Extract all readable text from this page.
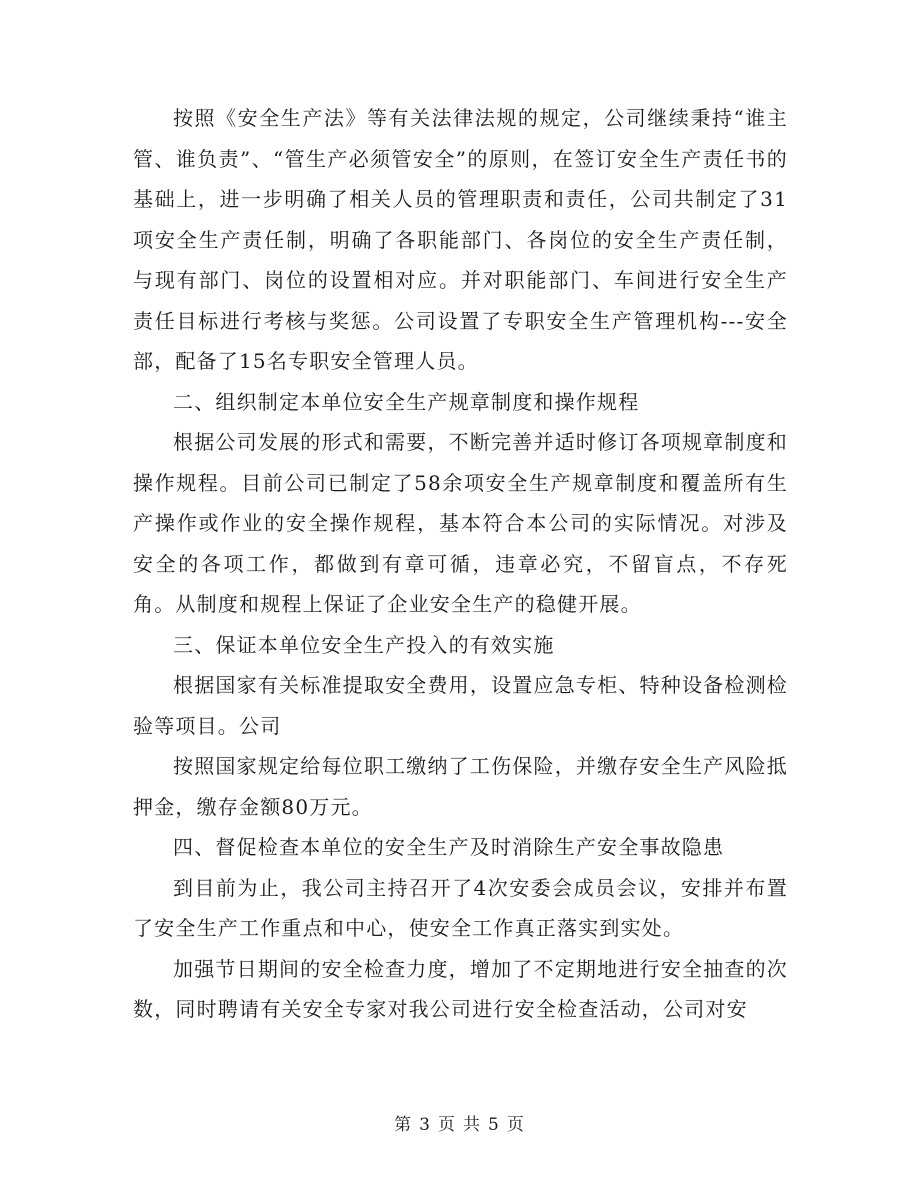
按照《安全生产法》等有关法律法规的规定，公司继续秉持“谁主管、谁负责”、“管生产必须管安全”的原则，在签订安全生产责任书的基础上，进一步明确了相关人员的管理职责和责任，公司共制定了31项安全生产责任制，明确了各职能部门、各岗位的安全生产责任制，与现有部门、岗位的设置相对应。并对职能部门、车间进行安全生产责任目标进行考核与奖惩。公司设置了专职安全生产管理机构---安全部，配备了15名专职安全管理人员。

二、组织制定本单位安全生产规章制度和操作规程

根据公司发展的形式和需要，不断完善并适时修订各项规章制度和操作规程。目前公司已制定了58余项安全生产规章制度和覆盖所有生产操作或作业的安全操作规程，基本符合本公司的实际情况。对涉及安全的各项工作，都做到有章可循，违章必究，不留盲点，不存死角。从制度和规程上保证了企业安全生产的稳健开展。

三、保证本单位安全生产投入的有效实施

根据国家有关标准提取安全费用，设置应急专柜、特种设备检测检验等项目。公司

按照国家规定给每位职工缴纳了工伤保险，并缴存安全生产风险抵押金，缴存金额80万元。

四、督促检查本单位的安全生产及时消除生产安全事故隐患

到目前为止，我公司主持召开了4次安委会成员会议，安排并布置了安全生产工作重点和中心，使安全工作真正落实到实处。

加强节日期间的安全检查力度，增加了不定期地进行安全抽查的次数，同时聘请有关安全专家对我公司进行安全检查活动，公司对安

第 3 页 共 5 页
